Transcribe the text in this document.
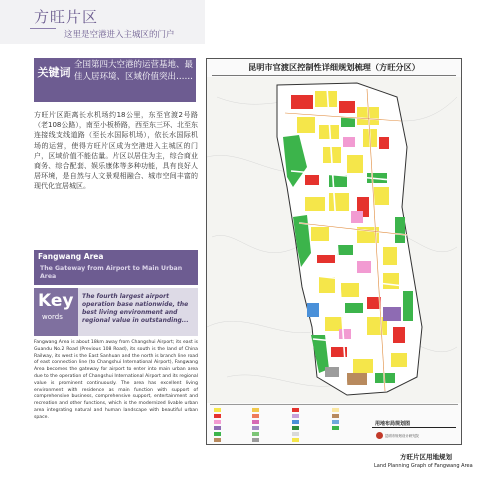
方旺片区
这里是空港进入主城区的门户
关键词
全国第四大空港的运营基地、最佳人居环境、区域价值突出……
方旺片区距离长水机场约18公里，东至官渡2号路（老108公路），南至小板桥路，西至东三环、北至东连接线支线道路（至长水国际机场），依长水国际机场的运营，使得方旺片区成为空港进入主城区的门户，区域价值不能估量。片区以居住为主，综合商业商务、综合配套、娱乐康体等多种功能，具有良好人居环境，是自然与人文景观相融合、城市空间丰富的现代化宜居城区。
Fangwang Area
The Gateway from Airport to Main Urban Area
Key
words
The fourth largest airport operation base nationwide, the best living environment and regional value in outstanding...
Fangwang Area is about 18km away from Changshui Airport; its east is Guandu No.2 Road (Previous 108 Road), its south is the land of China Railway, its west is the East Sanhuan and the north is branch line road of east connection line (to Changshui International Airport), Fangwang Area becomes the gateway for airport to enter into main urban area due to the operation of Changshui International Airport and its regional value is prominent continuously. The area has excellent living environment with residence as main function with support of comprehensive business, comprehensive support, entertainment and recreation and other functions, which is the modernized livable urban area integrating natural and human landscape with beautiful urban space.
昆明市官渡区控制性详细规划梳理（方旺分区）
用地布局规划图
昆明市规划设计研究院
方旺片区用地规划
Land Planning Graph of Fangwang Area
